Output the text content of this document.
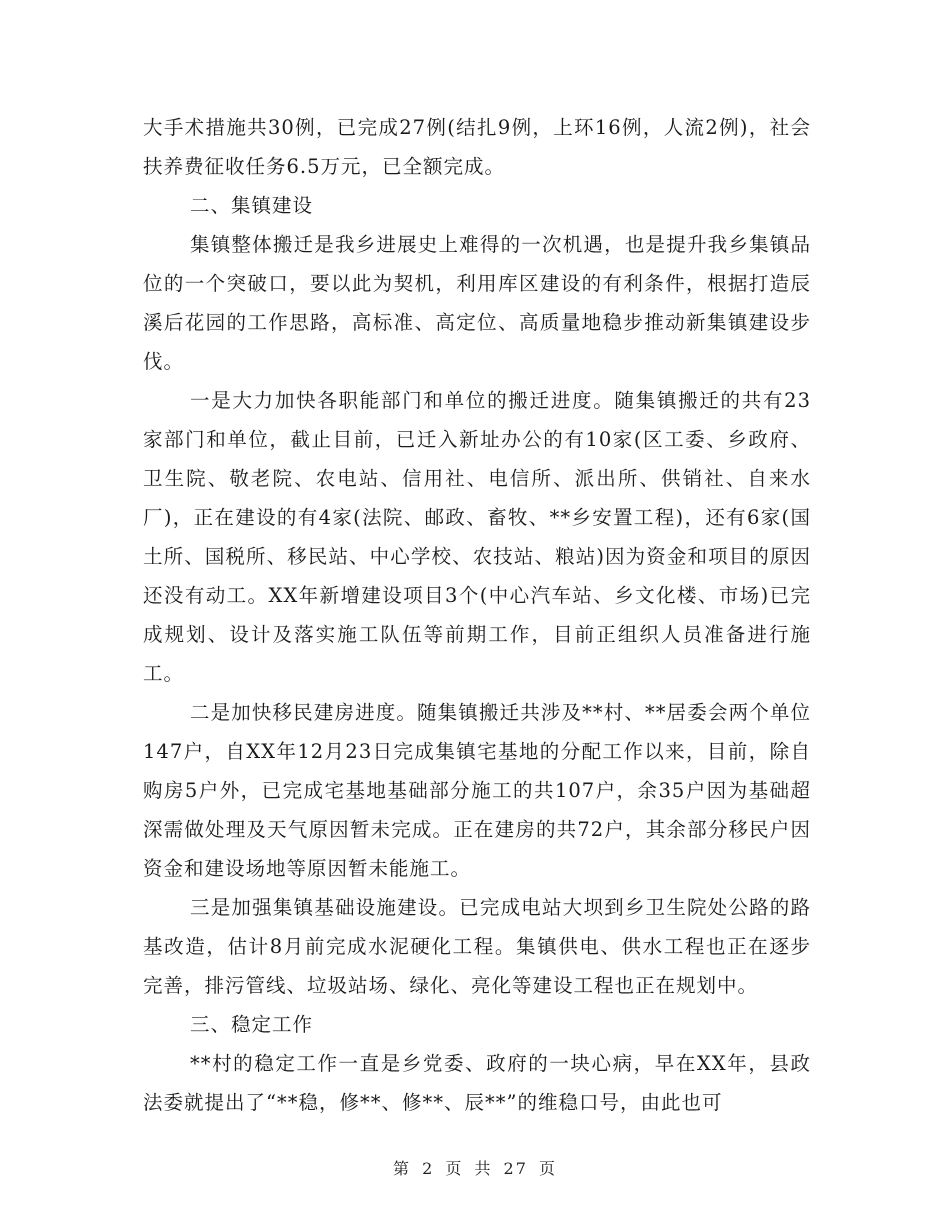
大手术措施共30例，已完成27例(结扎9例，上环16例，人流2例)，社会扶养费征收任务6.5万元，已全额完成。

二、集镇建设

集镇整体搬迁是我乡进展史上难得的一次机遇，也是提升我乡集镇品位的一个突破口，要以此为契机，利用库区建设的有利条件，根据打造辰溪后花园的工作思路，高标准、高定位、高质量地稳步推动新集镇建设步伐。

一是大力加快各职能部门和单位的搬迁进度。随集镇搬迁的共有23家部门和单位，截止目前，已迁入新址办公的有10家(区工委、乡政府、卫生院、敬老院、农电站、信用社、电信所、派出所、供销社、自来水厂)，正在建设的有4家(法院、邮政、畜牧、**乡安置工程)，还有6家(国土所、国税所、移民站、中心学校、农技站、粮站)因为资金和项目的原因还没有动工。XX年新增建设项目3个(中心汽车站、乡文化楼、市场)已完成规划、设计及落实施工队伍等前期工作，目前正组织人员准备进行施工。

二是加快移民建房进度。随集镇搬迁共涉及**村、**居委会两个单位147户，自XX年12月23日完成集镇宅基地的分配工作以来，目前，除自购房5户外，已完成宅基地基础部分施工的共107户，余35户因为基础超深需做处理及天气原因暂未完成。正在建房的共72户，其余部分移民户因资金和建设场地等原因暂未能施工。

三是加强集镇基础设施建设。已完成电站大坝到乡卫生院处公路的路基改造，估计8月前完成水泥硬化工程。集镇供电、供水工程也正在逐步完善，排污管线、垃圾站场、绿化、亮化等建设工程也正在规划中。

三、稳定工作

**村的稳定工作一直是乡党委、政府的一块心病，早在XX年，县政法委就提出了“**稳，修**、修**、辰**”的维稳口号，由此也可

第 2 页 共 27 页
